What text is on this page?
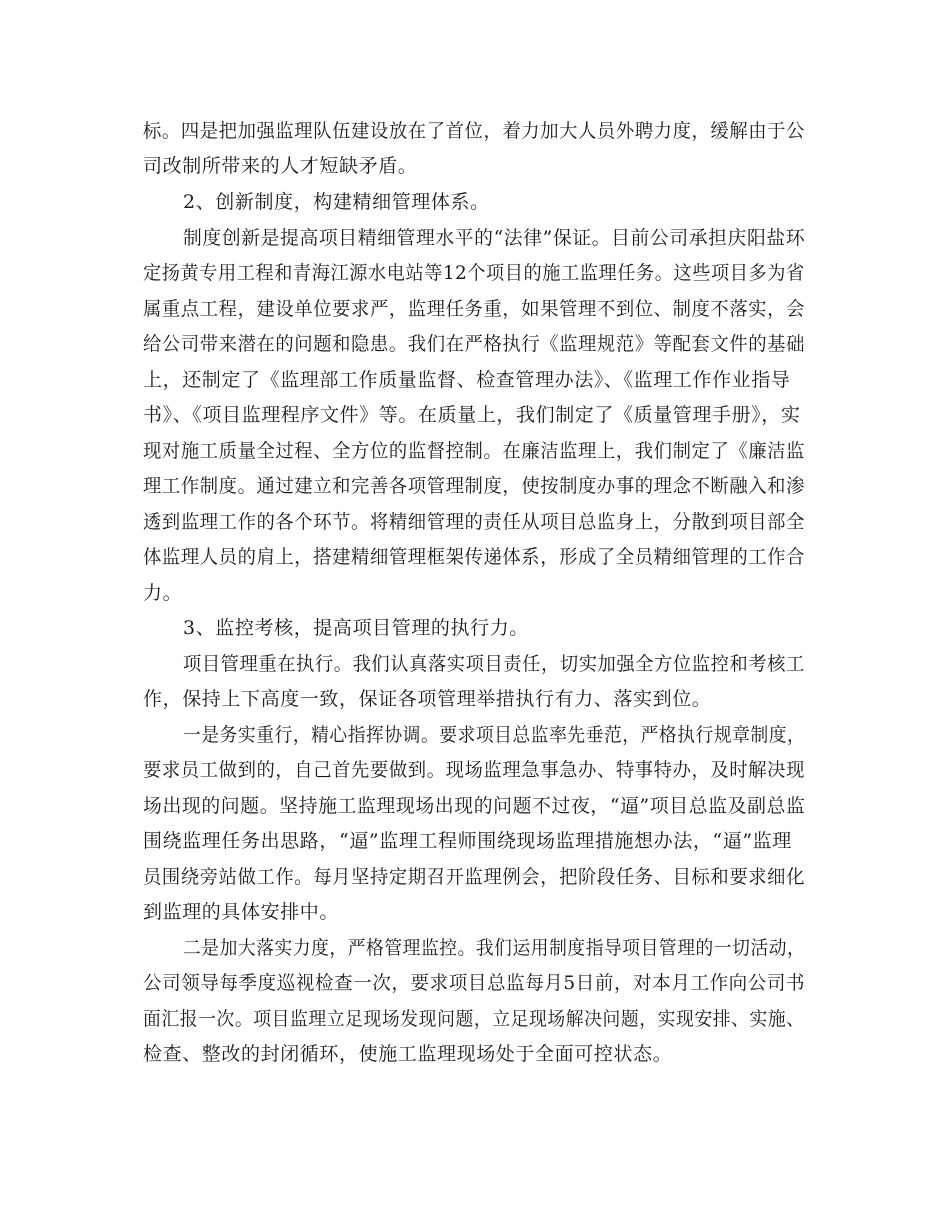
标。四是把加强监理队伍建设放在了首位，着力加大人员外聘力度，缓解由于公
司改制所带来的人才短缺矛盾。
2、创新制度，构建精细管理体系。
制度创新是提高项目精细管理水平的“法律”保证。目前公司承担庆阳盐环
定扬黄专用工程和青海江源水电站等12个项目的施工监理任务。这些项目多为省
属重点工程，建设单位要求严，监理任务重，如果管理不到位、制度不落实，会
给公司带来潜在的问题和隐患。我们在严格执行《监理规范》等配套文件的基础
上，还制定了《监理部工作质量监督、检查管理办法》、《监理工作作业指导
书》、《项目监理程序文件》等。在质量上，我们制定了《质量管理手册》，实
现对施工质量全过程、全方位的监督控制。在廉洁监理上，我们制定了《廉洁监
理工作制度。通过建立和完善各项管理制度，使按制度办事的理念不断融入和渗
透到监理工作的各个环节。将精细管理的责任从项目总监身上，分散到项目部全
体监理人员的肩上，搭建精细管理框架传递体系，形成了全员精细管理的工作合
力。
3、监控考核，提高项目管理的执行力。
项目管理重在执行。我们认真落实项目责任，切实加强全方位监控和考核工
作，保持上下高度一致，保证各项管理举措执行有力、落实到位。
一是务实重行，精心指挥协调。要求项目总监率先垂范，严格执行规章制度，
要求员工做到的，自己首先要做到。现场监理急事急办、特事特办，及时解决现
场出现的问题。坚持施工监理现场出现的问题不过夜，“逼”项目总监及副总监
围绕监理任务出思路，“逼”监理工程师围绕现场监理措施想办法，“逼”监理
员围绕旁站做工作。每月坚持定期召开监理例会，把阶段任务、目标和要求细化
到监理的具体安排中。
二是加大落实力度，严格管理监控。我们运用制度指导项目管理的一切活动，
公司领导每季度巡视检查一次，要求项目总监每月5日前，对本月工作向公司书
面汇报一次。项目监理立足现场发现问题，立足现场解决问题，实现安排、实施、
检查、整改的封闭循环，使施工监理现场处于全面可控状态。
